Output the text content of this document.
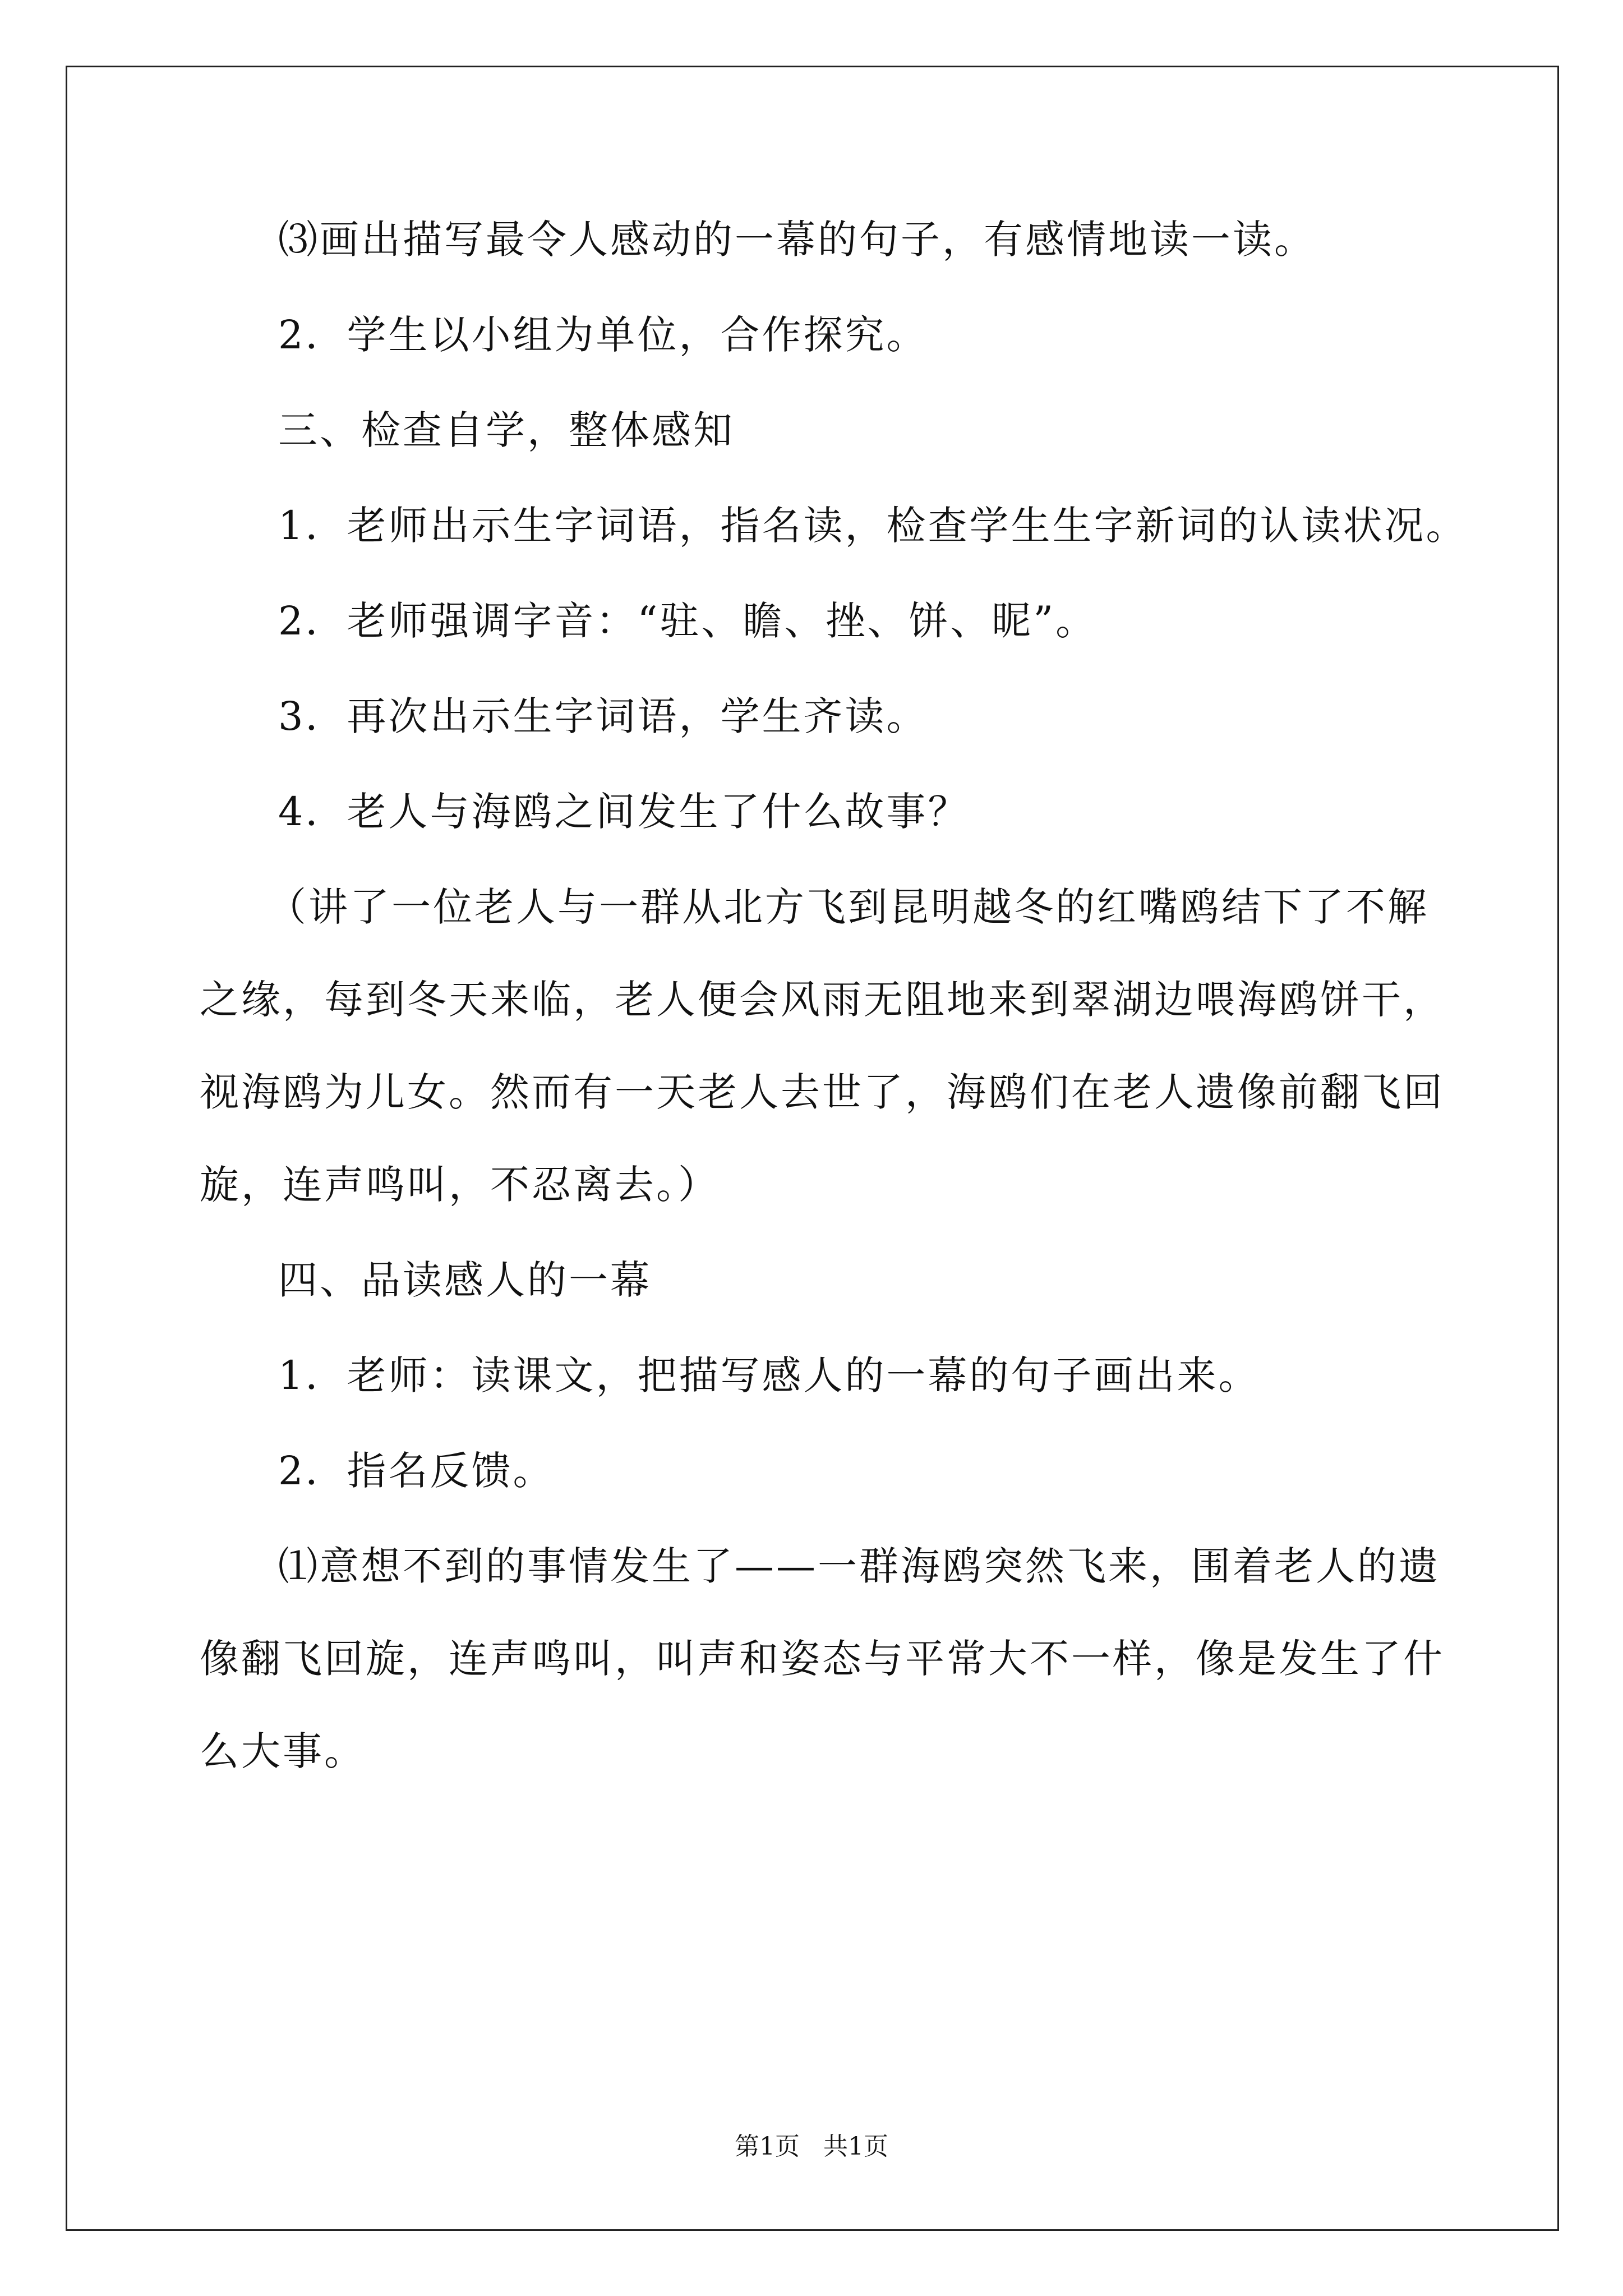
⑶画出描写最令人感动的一幕的句子，有感情地读一读。

2．学生以小组为单位，合作探究。

三、检查自学，整体感知

1．老师出示生字词语，指名读，检查学生生字新词的认读状况。

2．老师强调字音：“驻、瞻、挫、饼、昵”。

3．再次出示生字词语，学生齐读。

4．老人与海鸥之间发生了什么故事？

（讲了一位老人与一群从北方飞到昆明越冬的红嘴鸥结下了不解

之缘，每到冬天来临，老人便会风雨无阻地来到翠湖边喂海鸥饼干，

视海鸥为儿女。然而有一天老人去世了，海鸥们在老人遗像前翻飞回

旋，连声鸣叫，不忍离去。）

四、品读感人的一幕

1．老师：读课文，把描写感人的一幕的句子画出来。

2．指名反馈。

⑴意想不到的事情发生了——一群海鸥突然飞来，围着老人的遗

像翻飞回旋，连声鸣叫，叫声和姿态与平常大不一样，像是发生了什

么大事。

第1页 共1页
